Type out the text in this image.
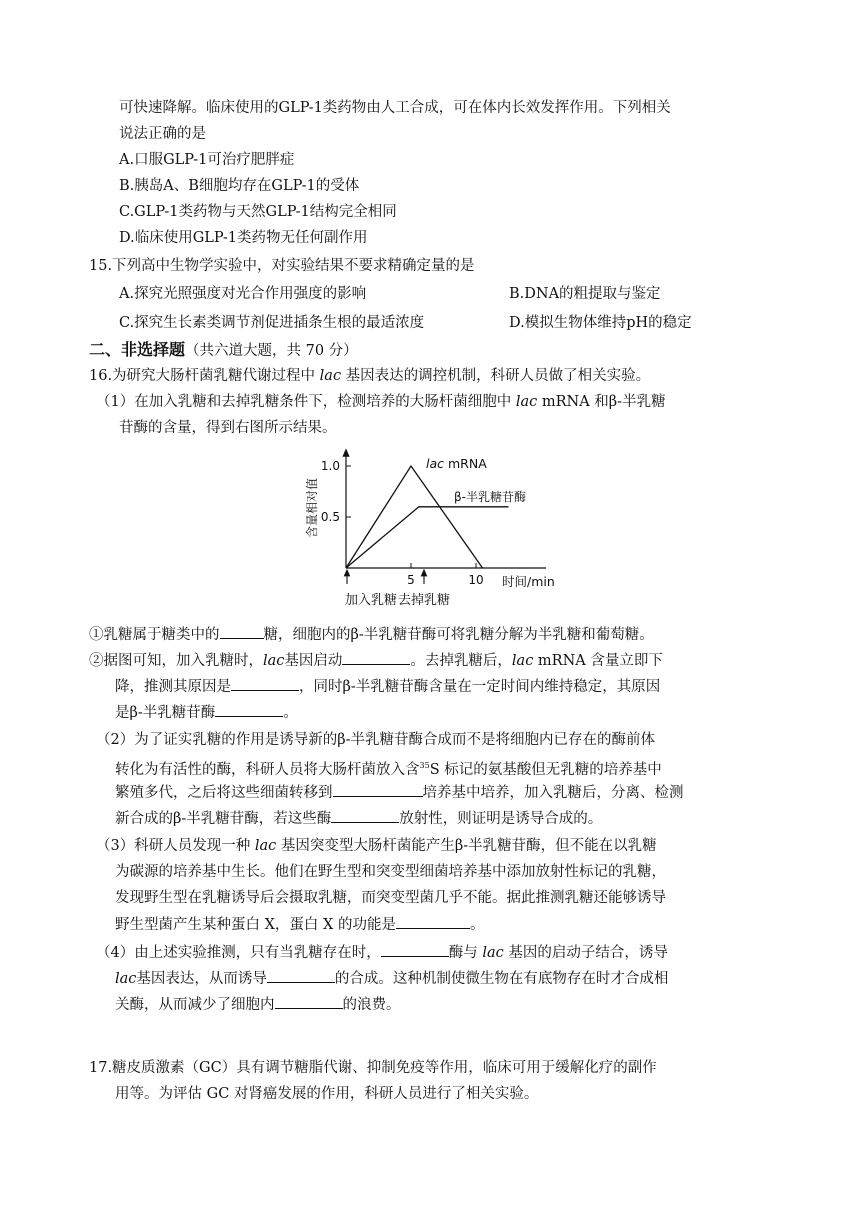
可快速降解。临床使用的GLP-1类药物由人工合成，可在体内长效发挥作用。下列相关
说法正确的是
A.口服GLP-1可治疗肥胖症
B.胰岛A、B细胞均存在GLP-1的受体
C.GLP-1类药物与天然GLP-1结构完全相同
D.临床使用GLP-1类药物无任何副作用
15.下列高中生物学实验中，对实验结果不要求精确定量的是
A.探究光照强度对光合作用强度的影响	B.DNA的粗提取与鉴定
C.探究生长素类调节剂促进插条生根的最适浓度	D.模拟生物体维持pH的稳定
二、非选择题（共六道大题，共 70 分）
16.为研究大肠杆菌乳糖代谢过程中 lac 基因表达的调控机制，科研人员做了相关实验。
（1）在加入乳糖和去掉乳糖条件下，检测培养的大肠杆菌细胞中 lac mRNA 和β-半乳糖
苷酶的含量，得到右图所示结果。
1.0
0.5
5	10
含量相对值
时间/min
lac mRNA
β-半乳糖苷酶
加入乳糖 去掉乳糖
①乳糖属于糖类中的	糖，细胞内的β-半乳糖苷酶可将乳糖分解为半乳糖和葡萄糖。
②据图可知，加入乳糖时，lac基因启动	。去掉乳糖后，lac mRNA 含量立即下
降，推测其原因是	，同时β-半乳糖苷酶含量在一定时间内维持稳定，其原因
是β-半乳糖苷酶	。
（2）为了证实乳糖的作用是诱导新的β-半乳糖苷酶合成而不是将细胞内已存在的酶前体
转化为有活性的酶，科研人员将大肠杆菌放入含$^{35}$S 标记的氨基酸但无乳糖的培养基中
繁殖多代，之后将这些细菌转移到	培养基中培养，加入乳糖后，分离、检测
新合成的β-半乳糖苷酶，若这些酶	放射性，则证明是诱导合成的。
（3）科研人员发现一种 lac 基因突变型大肠杆菌能产生β-半乳糖苷酶，但不能在以乳糖
为碳源的培养基中生长。他们在野生型和突变型细菌培养基中添加放射性标记的乳糖，
发现野生型在乳糖诱导后会摄取乳糖，而突变型菌几乎不能。据此推测乳糖还能够诱导
野生型菌产生某种蛋白 X，蛋白 X 的功能是	。
（4）由上述实验推测，只有当乳糖存在时，	酶与 lac 基因的启动子结合，诱导
lac基因表达，从而诱导	的合成。这种机制使微生物在有底物存在时才合成相
关酶，从而减少了细胞内	的浪费。
17.糖皮质激素（GC）具有调节糖脂代谢、抑制免疫等作用，临床可用于缓解化疗的副作
用等。为评估 GC 对肾癌发展的作用，科研人员进行了相关实验。
